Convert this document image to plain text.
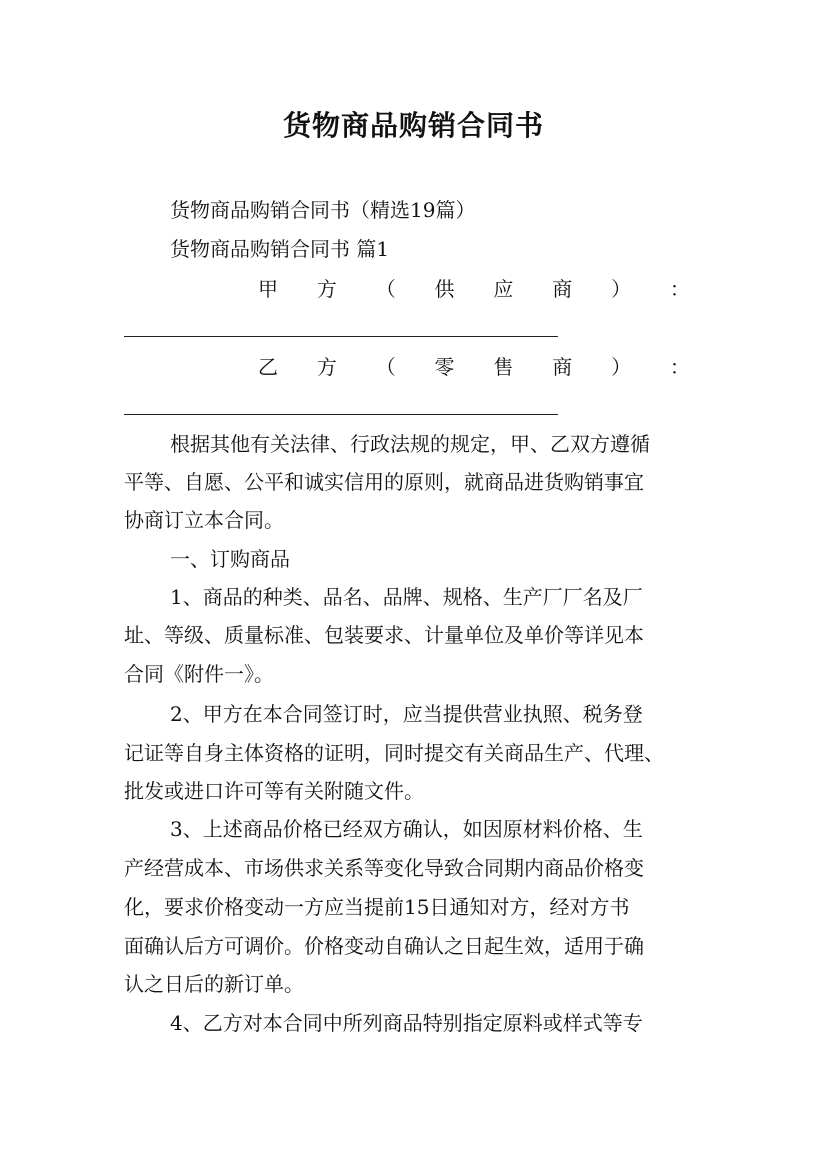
货物商品购销合同书
货物商品购销合同书（精选19篇）
货物商品购销合同书 篇1
甲 方 （ 供 应 商 ） ：
乙 方 （ 零 售 商 ） ：
根据其他有关法律、行政法规的规定，甲、乙双方遵循
平等、自愿、公平和诚实信用的原则，就商品进货购销事宜
协商订立本合同。
一、订购商品
1、商品的种类、品名、品牌、规格、生产厂厂名及厂
址、等级、质量标准、包装要求、计量单位及单价等详见本
合同《附件一》。
2、甲方在本合同签订时，应当提供营业执照、税务登
记证等自身主体资格的证明，同时提交有关商品生产、代理、
批发或进口许可等有关附随文件。
3、上述商品价格已经双方确认，如因原材料价格、生
产经营成本、市场供求关系等变化导致合同期内商品价格变
化，要求价格变动一方应当提前15日通知对方，经对方书
面确认后方可调价。价格变动自确认之日起生效，适用于确
认之日后的新订单。
4、乙方对本合同中所列商品特别指定原料或样式等专
